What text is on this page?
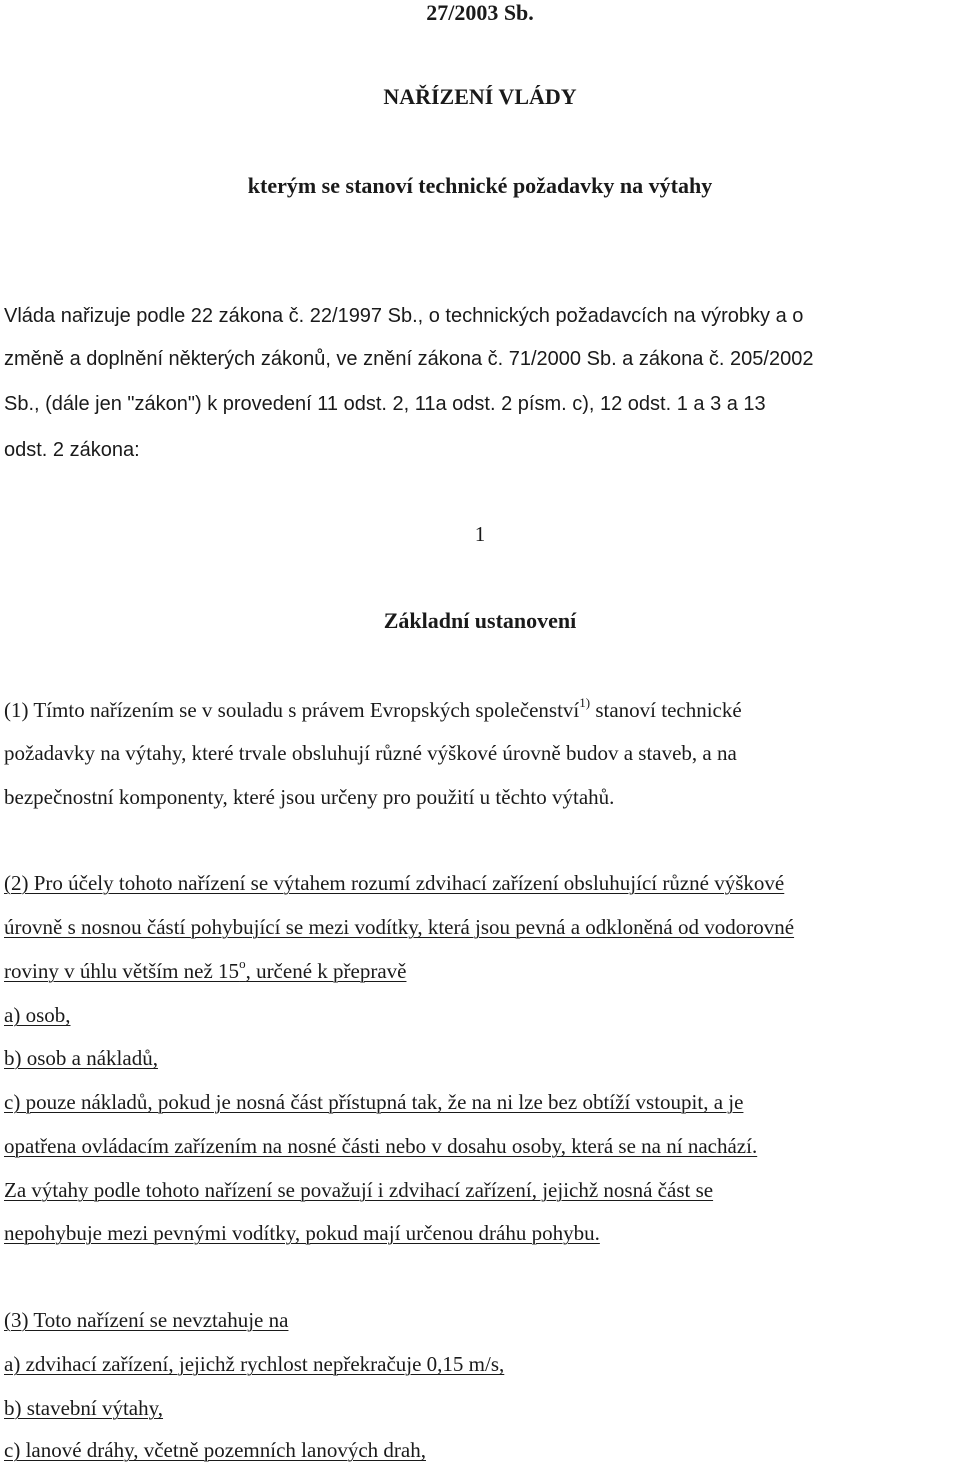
27/2003 Sb.
NAŘÍZENÍ VLÁDY
kterým se stanoví technické požadavky na výtahy
Vláda nařizuje podle 22 zákona č. 22/1997 Sb., o technických požadavcích na výrobky a o
změně a doplnění některých zákonů, ve znění zákona č. 71/2000 Sb. a zákona č. 205/2002
Sb., (dále jen "zákon") k provedení 11 odst. 2, 11a odst. 2 písm. c), 12 odst. 1 a 3 a 13
odst. 2 zákona:
1
Základní ustanovení
(1) Tímto nařízením se v souladu s právem Evropských společenství$^{1)}$ stanoví technické
požadavky na výtahy, které trvale obsluhují různé výškové úrovně budov a staveb, a na
bezpečnostní komponenty, které jsou určeny pro použití u těchto výtahů.
(2) Pro účely tohoto nařízení se výtahem rozumí zdvihací zařízení obsluhující různé výškové
úrovně s nosnou částí pohybující se mezi vodítky, která jsou pevná a odkloněná od vodorovné
roviny v úhlu větším než 15$^o$, určené k přepravě
a) osob,
b) osob a nákladů,
c) pouze nákladů, pokud je nosná část přístupná tak, že na ni lze bez obtíží vstoupit, a je
opatřena ovládacím zařízením na nosné části nebo v dosahu osoby, která se na ní nachází.
Za výtahy podle tohoto nařízení se považují i zdvihací zařízení, jejichž nosná část se
nepohybuje mezi pevnými vodítky, pokud mají určenou dráhu pohybu.
(3) Toto nařízení se nevztahuje na
a) zdvihací zařízení, jejichž rychlost nepřekračuje 0,15 m/s,
b) stavební výtahy,
c) lanové dráhy, včetně pozemních lanových drah,
